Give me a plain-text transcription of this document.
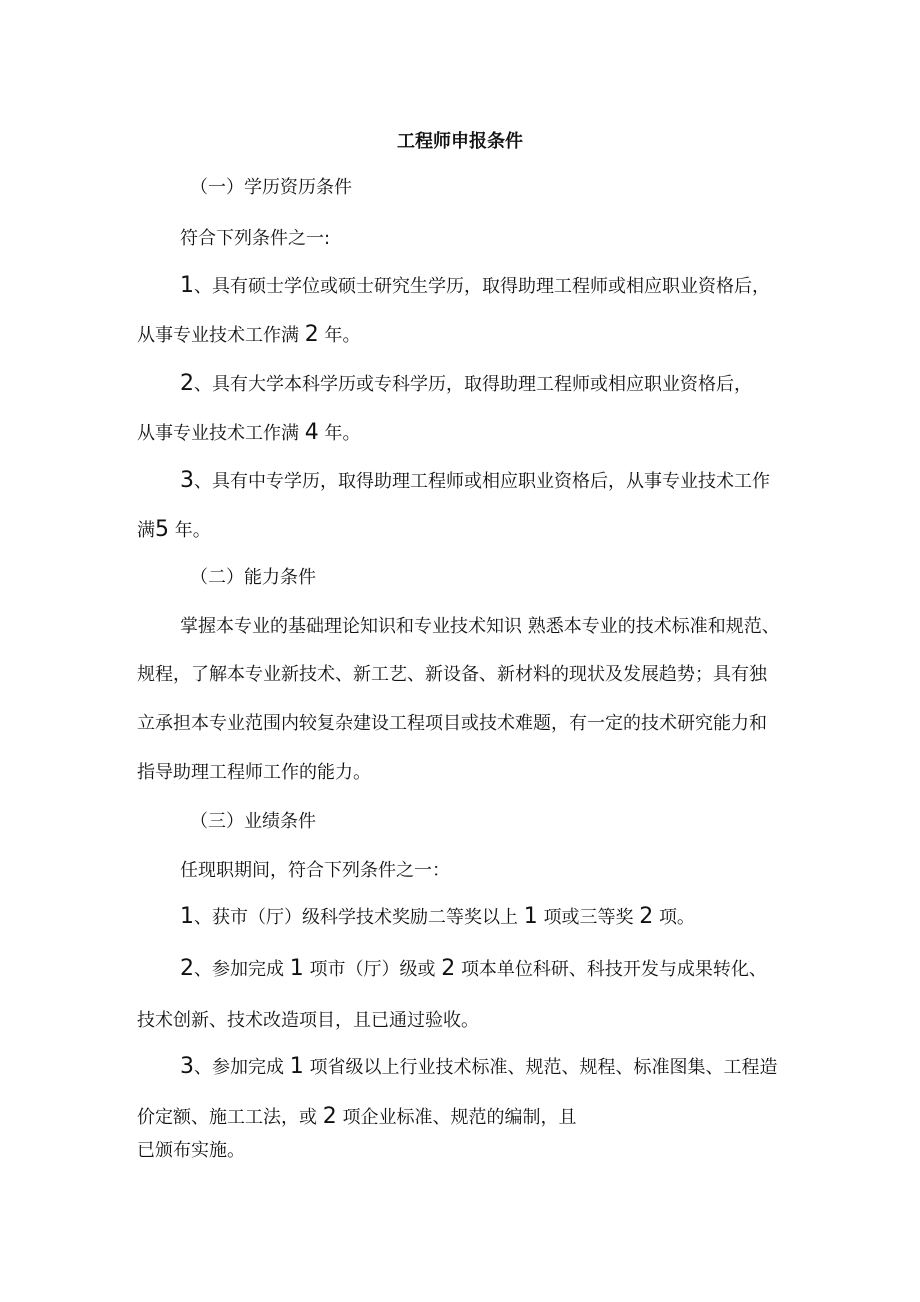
工程师申报条件

（一）学历资历条件

符合下列条件之一:

1、具有硕士学位或硕士研究生学历，取得助理工程师或相应职业资格后，

从事专业技术工作满 2 年。

2、具有大学本科学历或专科学历，取得助理工程师或相应职业资格后，

从事专业技术工作满 4 年。

3、具有中专学历，取得助理工程师或相应职业资格后，从事专业技术工作

满5 年。

（二）能力条件

掌握本专业的基础理论知识和专业技术知识 熟悉本专业的技术标准和规范、

规程，了解本专业新技术、新工艺、新设备、新材料的现状及发展趋势；具有独

立承担本专业范围内较复杂建设工程项目或技术难题，有一定的技术研究能力和

指导助理工程师工作的能力。

（三）业绩条件

任现职期间，符合下列条件之一：

1、获市（厅）级科学技术奖励二等奖以上 1 项或三等奖 2 项。

2、参加完成 1 项市（厅）级或 2 项本单位科研、科技开发与成果转化、

技术创新、技术改造项目，且已通过验收。

3、参加完成 1 项省级以上行业技术标准、规范、规程、标准图集、工程造

价定额、施工工法，或 2 项企业标准、规范的编制，且

已颁布实施。
